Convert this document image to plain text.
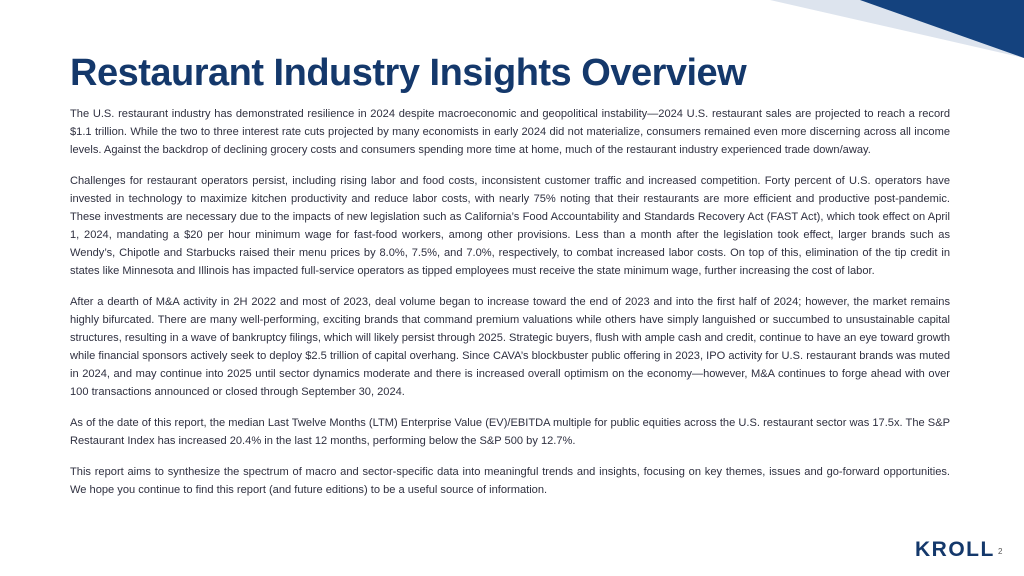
Restaurant Industry Insights Overview

The U.S. restaurant industry has demonstrated resilience in 2024 despite macroeconomic and geopolitical instability—2024 U.S. restaurant sales are projected to reach a record $1.1 trillion. While the two to three interest rate cuts projected by many economists in early 2024 did not materialize, consumers remained even more discerning across all income levels. Against the backdrop of declining grocery costs and consumers spending more time at home, much of the restaurant industry experienced trade down/away.

Challenges for restaurant operators persist, including rising labor and food costs, inconsistent customer traffic and increased competition. Forty percent of U.S. operators have invested in technology to maximize kitchen productivity and reduce labor costs, with nearly 75% noting that their restaurants are more efficient and productive post-pandemic. These investments are necessary due to the impacts of new legislation such as California’s Food Accountability and Standards Recovery Act (FAST Act), which took effect on April 1, 2024, mandating a $20 per hour minimum wage for fast-food workers, among other provisions. Less than a month after the legislation took effect, larger brands such as Wendy’s, Chipotle and Starbucks raised their menu prices by 8.0%, 7.5%, and 7.0%, respectively, to combat increased labor costs. On top of this, elimination of the tip credit in states like Minnesota and Illinois has impacted full-service operators as tipped employees must receive the state minimum wage, further increasing the cost of labor.

After a dearth of M&A activity in 2H 2022 and most of 2023, deal volume began to increase toward the end of 2023 and into the first half of 2024; however, the market remains highly bifurcated. There are many well-performing, exciting brands that command premium valuations while others have simply languished or succumbed to unsustainable capital structures, resulting in a wave of bankruptcy filings, which will likely persist through 2025. Strategic buyers, flush with ample cash and credit, continue to have an eye toward growth while financial sponsors actively seek to deploy $2.5 trillion of capital overhang. Since CAVA’s blockbuster public offering in 2023, IPO activity for U.S. restaurant brands was muted in 2024, and may continue into 2025 until sector dynamics moderate and there is increased overall optimism on the economy—however, M&A continues to forge ahead with over 100 transactions announced or closed through September 30, 2024.

As of the date of this report, the median Last Twelve Months (LTM) Enterprise Value (EV)/EBITDA multiple for public equities across the U.S. restaurant sector was 17.5x. The S&P Restaurant Index has increased 20.4% in the last 12 months, performing below the S&P 500 by 12.7%.

This report aims to synthesize the spectrum of macro and sector-specific data into meaningful trends and insights, focusing on key themes, issues and go-forward opportunities. We hope you continue to find this report (and future editions) to be a useful source of information.

KROLL 2
